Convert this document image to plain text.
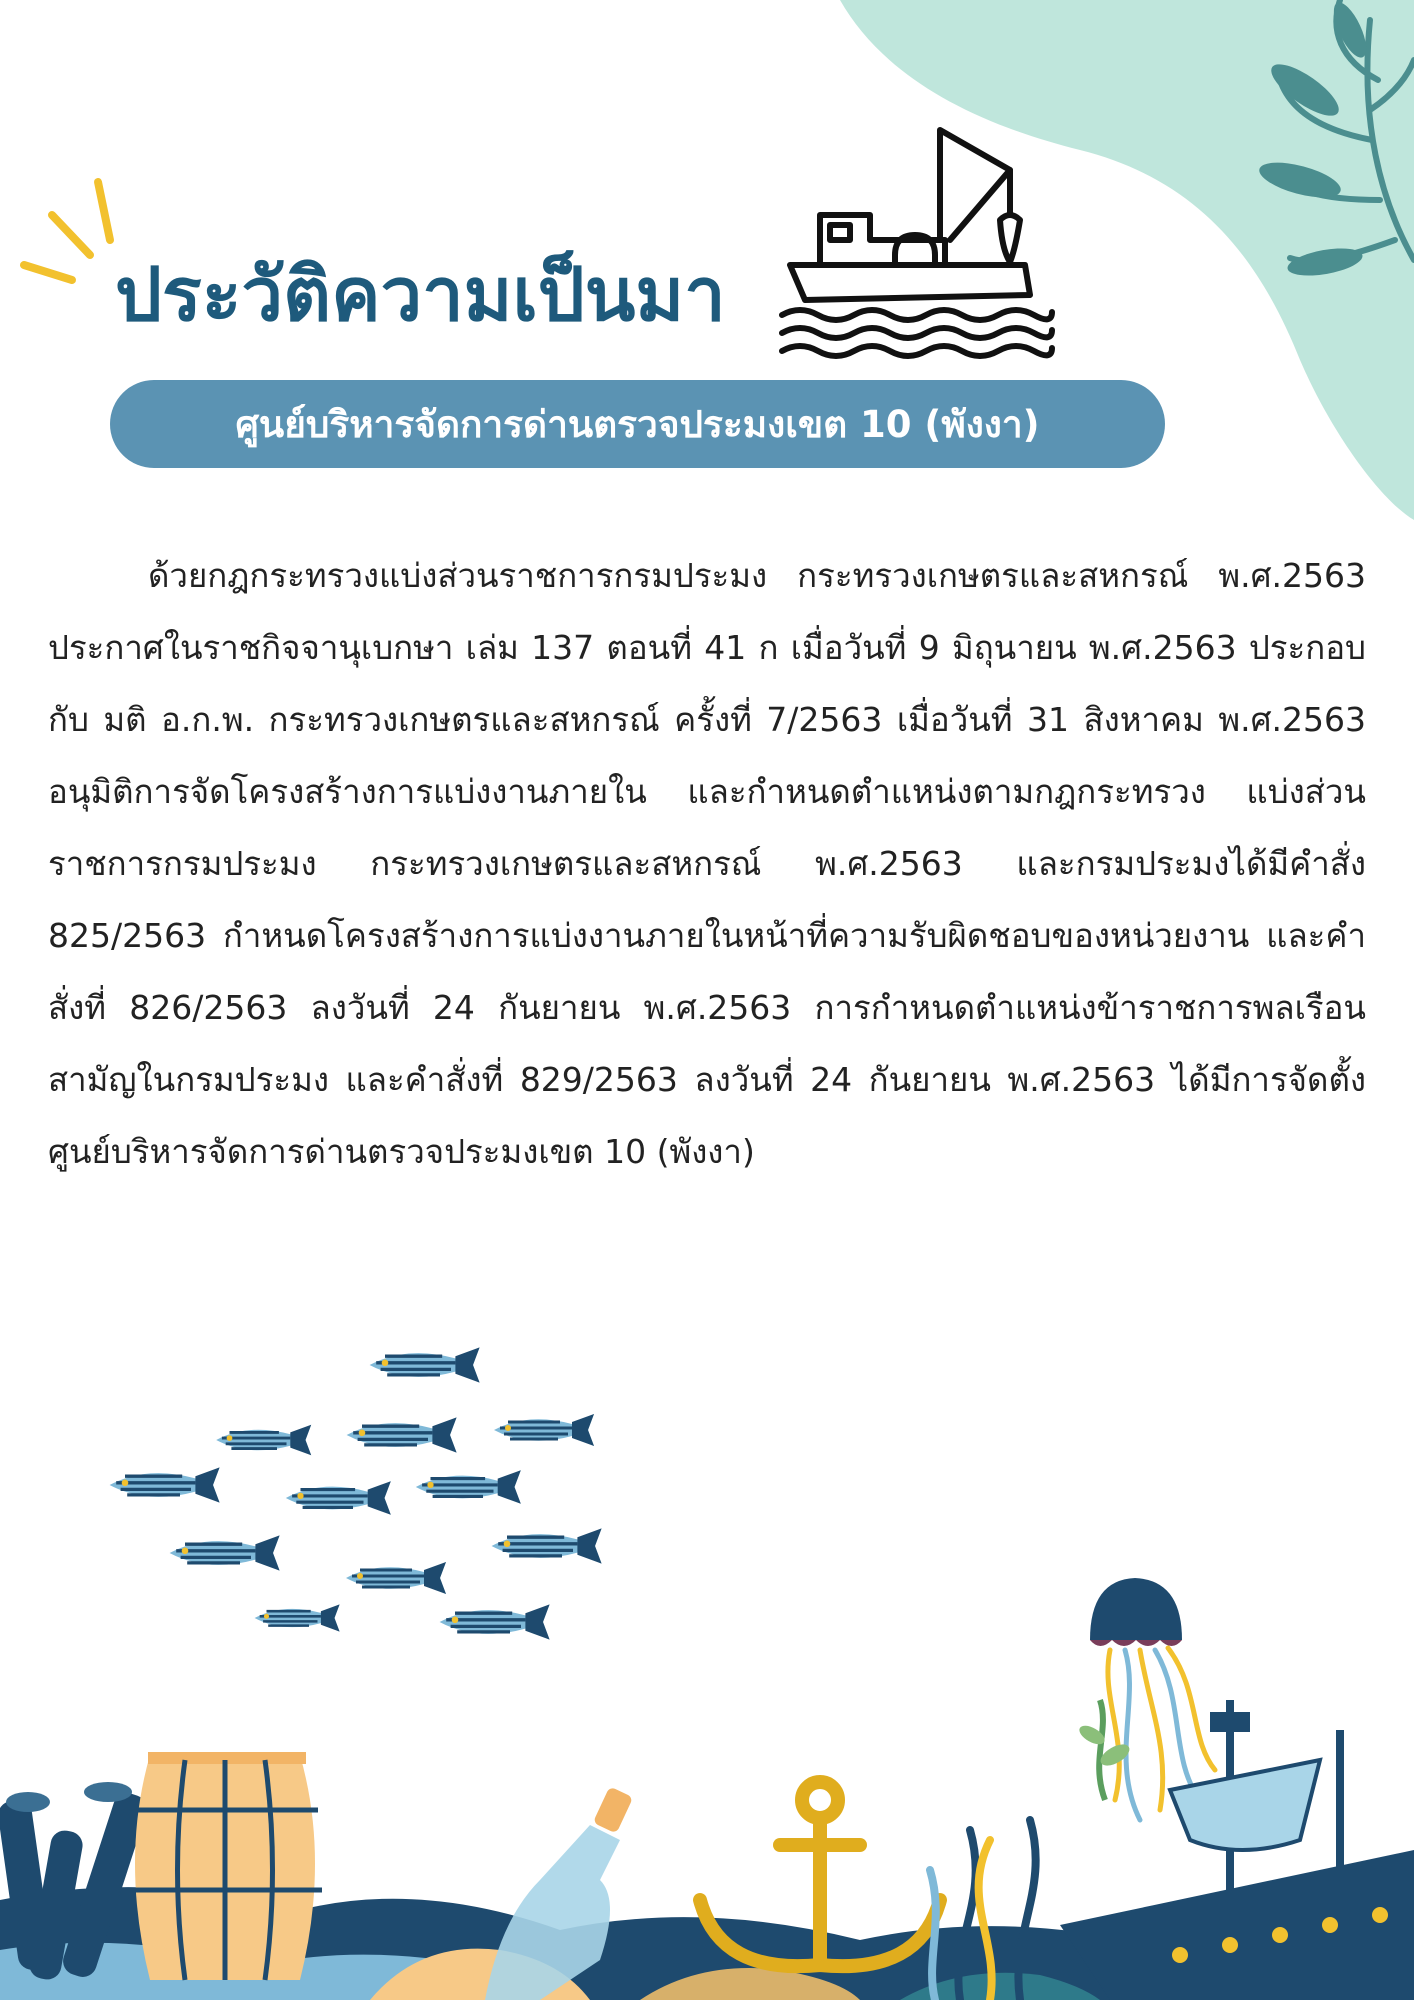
ประวัติความเป็นมา
ศูนย์บริหารจัดการด่านตรวจประมงเขต 10 (พังงา)

ด้วยกฎกระทรวงแบ่งส่วนราชการกรมประมง กระทรวงเกษตรและสหกรณ์ พ.ศ.2563 ประกาศในราชกิจจานุเบกษา เล่ม 137 ตอนที่ 41 ก เมื่อวันที่ 9 มิถุนายน พ.ศ.2563 ประกอบกับ มติ อ.ก.พ. กระทรวงเกษตรและสหกรณ์ ครั้งที่ 7/2563 เมื่อวันที่ 31 สิงหาคม พ.ศ.2563 อนุมิติการจัดโครงสร้างการแบ่งงานภายใน และกำหนดตำแหน่งตามกฎกระทรวง แบ่งส่วนราชการกรมประมง กระทรวงเกษตรและสหกรณ์ พ.ศ.2563 และกรมประมงได้มีคำสั่ง 825/2563 กำหนดโครงสร้างการแบ่งงานภายในหน้าที่ความรับผิดชอบของหน่วยงาน และคำสั่งที่ 826/2563 ลงวันที่ 24 กันยายน พ.ศ.2563 การกำหนดตำแหน่งข้าราชการพลเรือนสามัญในกรมประมง และคำสั่งที่ 829/2563 ลงวันที่ 24 กันยายน พ.ศ.2563 ได้มีการจัดตั้งศูนย์บริหารจัดการด่านตรวจประมงเขต 10 (พังงา)
